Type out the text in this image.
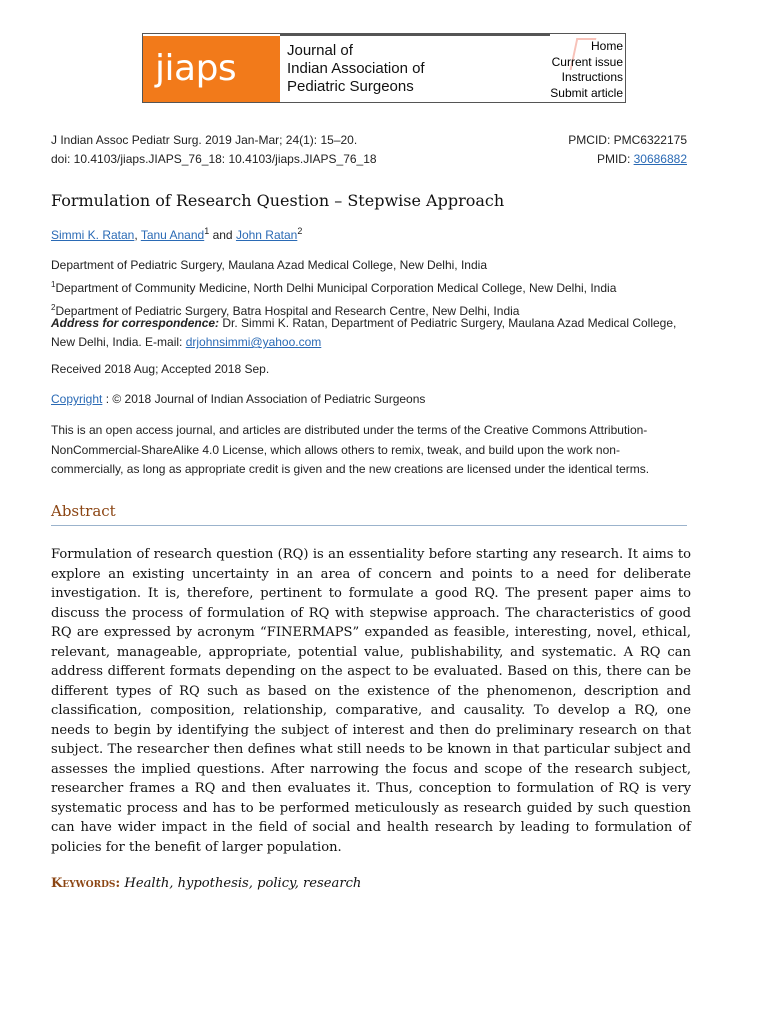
jiaps	Journal of
Indian Association of
Pediatric Surgeons
Home
Current issue
Instructions
Submit article
J Indian Assoc Pediatr Surg. 2019 Jan-Mar; 24(1): 15–20.
doi: 10.4103/jiaps.JIAPS_76_18: 10.4103/jiaps.JIAPS_76_18
PMCID: PMC6322175
PMID: 30686882
Formulation of Research Question – Stepwise Approach
Simmi K. Ratan, Tanu Anand$^1$ and John Ratan$^2$
Department of Pediatric Surgery, Maulana Azad Medical College, New Delhi, India
$^1$Department of Community Medicine, North Delhi Municipal Corporation Medical College, New Delhi, India
$^2$Department of Pediatric Surgery, Batra Hospital and Research Centre, New Delhi, India
Address for correspondence: Dr. Simmi K. Ratan, Department of Pediatric Surgery, Maulana Azad Medical College, New Delhi, India. E-mail: drjohnsimmi@yahoo.com
Received 2018 Aug; Accepted 2018 Sep.
Copyright : © 2018 Journal of Indian Association of Pediatric Surgeons
This is an open access journal, and articles are distributed under the terms of the Creative Commons Attribution-NonCommercial-ShareAlike 4.0 License, which allows others to remix, tweak, and build upon the work non-commercially, as long as appropriate credit is given and the new creations are licensed under the identical terms.
Abstract

Formulation of research question (RQ) is an essentiality before starting any research. It aims to explore an existing uncertainty in an area of concern and points to a need for deliberate investigation. It is, therefore, pertinent to formulate a good RQ. The present paper aims to discuss the process of formulation of RQ with stepwise approach. The characteristics of good RQ are expressed by acronym “FINERMAPS” expanded as feasible, interesting, novel, ethical, relevant, manageable, appropriate, potential value, publishability, and systematic. A RQ can address different formats depending on the aspect to be evaluated. Based on this, there can be different types of RQ such as based on the existence of the phenomenon, description and classification, composition, relationship, comparative, and causality. To develop a RQ, one needs to begin by identifying the subject of interest and then do preliminary research on that subject. The researcher then defines what still needs to be known in that particular subject and assesses the implied questions. After narrowing the focus and scope of the research subject, researcher frames a RQ and then evaluates it. Thus, conception to formulation of RQ is very systematic process and has to be performed meticulously as research guided by such question can have wider impact in the field of social and health research by leading to formulation of policies for the benefit of larger population.

Keywords: Health, hypothesis, policy, research
